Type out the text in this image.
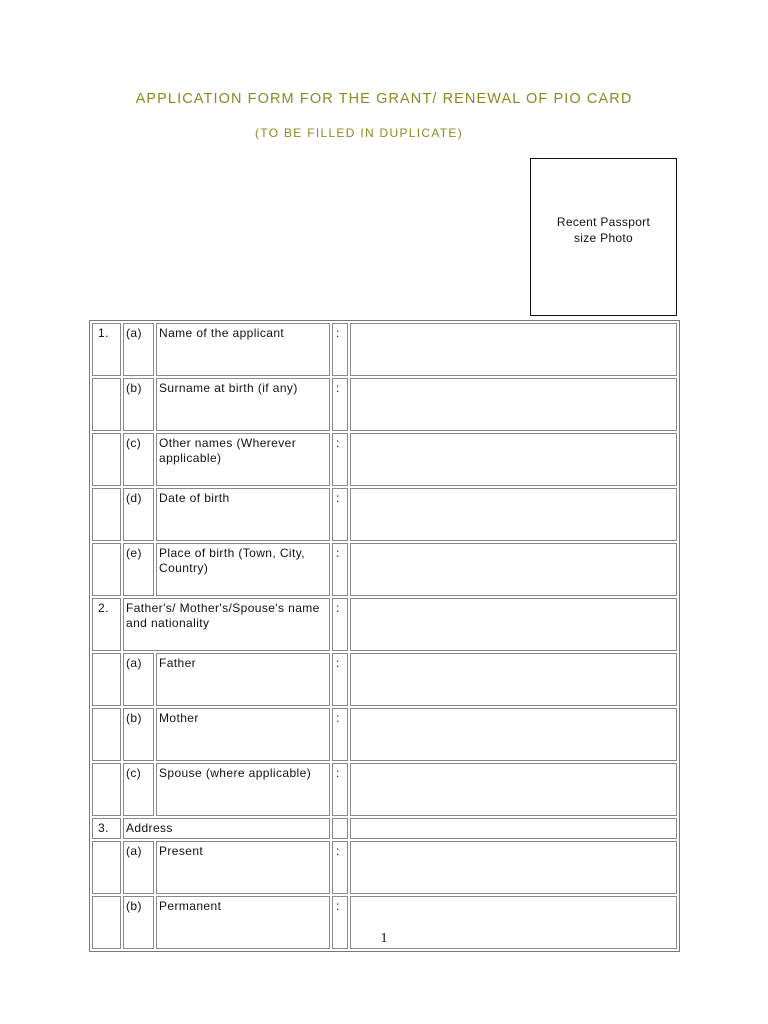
APPLICATION FORM FOR THE GRANT/ RENEWAL OF PIO CARD
(TO BE FILLED IN DUPLICATE)
Recent Passport size Photo
1.	(a)	Name of the applicant	:	
	(b)	Surname at birth (if any)	:	
	(c)	Other names (Wherever applicable)	:	
	(d)	Date of birth	:	
	(e)	Place of birth (Town, City, Country)	:	
2.	Father's/ Mother's/Spouse's name and nationality		:	
	(a)	Father	:	
	(b)	Mother	:	
	(c)	Spouse (where applicable)	:	
3.	Address			
	(a)	Present	:	
	(b)	Permanent	:	
1
